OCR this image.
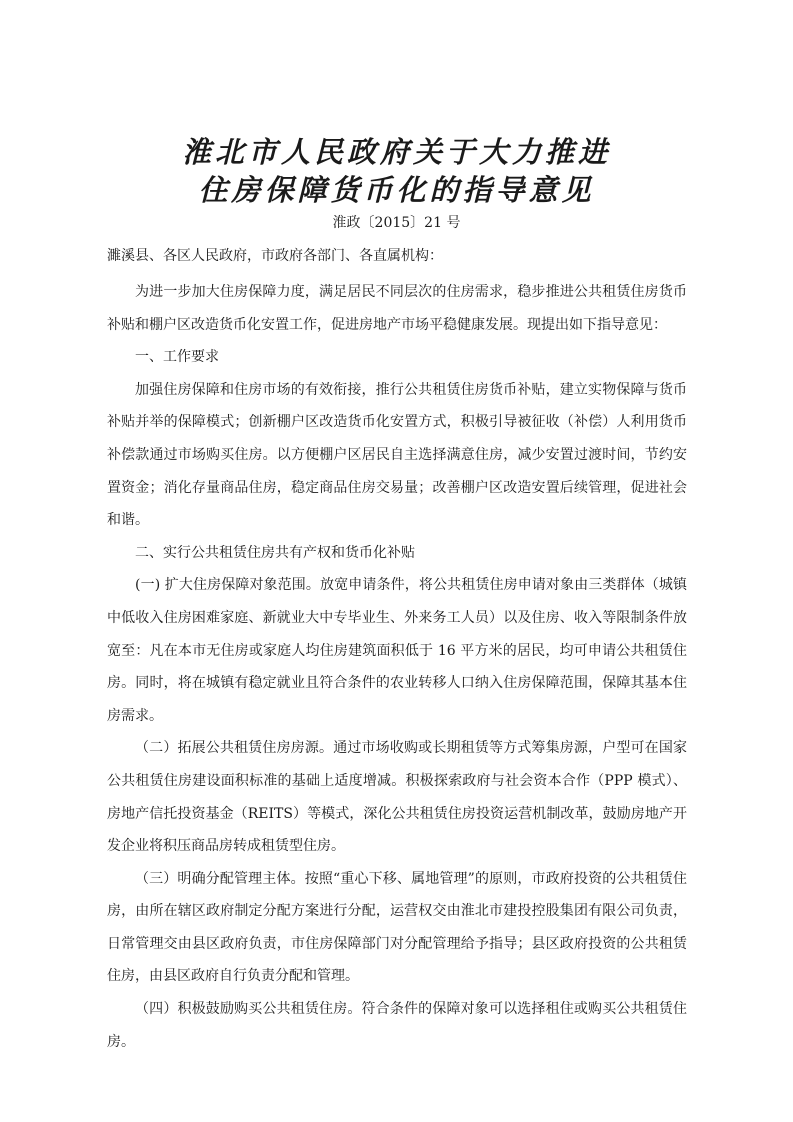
淮北市人民政府关于大力推进
住房保障货币化的指导意见

淮政〔2015〕21 号

濉溪县、各区人民政府，市政府各部门、各直属机构：

为进一步加大住房保障力度，满足居民不同层次的住房需求，稳步推进公共租赁住房货币补贴和棚户区改造货币化安置工作，促进房地产市场平稳健康发展。现提出如下指导意见：

一、工作要求

加强住房保障和住房市场的有效衔接，推行公共租赁住房货币补贴，建立实物保障与货币补贴并举的保障模式；创新棚户区改造货币化安置方式，积极引导被征收（补偿）人利用货币补偿款通过市场购买住房。以方便棚户区居民自主选择满意住房，减少安置过渡时间，节约安置资金；消化存量商品住房，稳定商品住房交易量；改善棚户区改造安置后续管理，促进社会和谐。

二、实行公共租赁住房共有产权和货币化补贴

(一) 扩大住房保障对象范围。放宽申请条件，将公共租赁住房申请对象由三类群体（城镇中低收入住房困难家庭、新就业大中专毕业生、外来务工人员）以及住房、收入等限制条件放宽至：凡在本市无住房或家庭人均住房建筑面积低于 16 平方米的居民，均可申请公共租赁住房。同时，将在城镇有稳定就业且符合条件的农业转移人口纳入住房保障范围，保障其基本住房需求。

（二）拓展公共租赁住房房源。通过市场收购或长期租赁等方式筹集房源，户型可在国家公共租赁住房建设面积标准的基础上适度增减。积极探索政府与社会资本合作（PPP 模式）、房地产信托投资基金（REITS）等模式，深化公共租赁住房投资运营机制改革，鼓励房地产开发企业将积压商品房转成租赁型住房。

（三）明确分配管理主体。按照“重心下移、属地管理”的原则，市政府投资的公共租赁住房，由所在辖区政府制定分配方案进行分配，运营权交由淮北市建投控股集团有限公司负责，日常管理交由县区政府负责，市住房保障部门对分配管理给予指导；县区政府投资的公共租赁住房，由县区政府自行负责分配和管理。

（四）积极鼓励购买公共租赁住房。符合条件的保障对象可以选择租住或购买公共租赁住房。
